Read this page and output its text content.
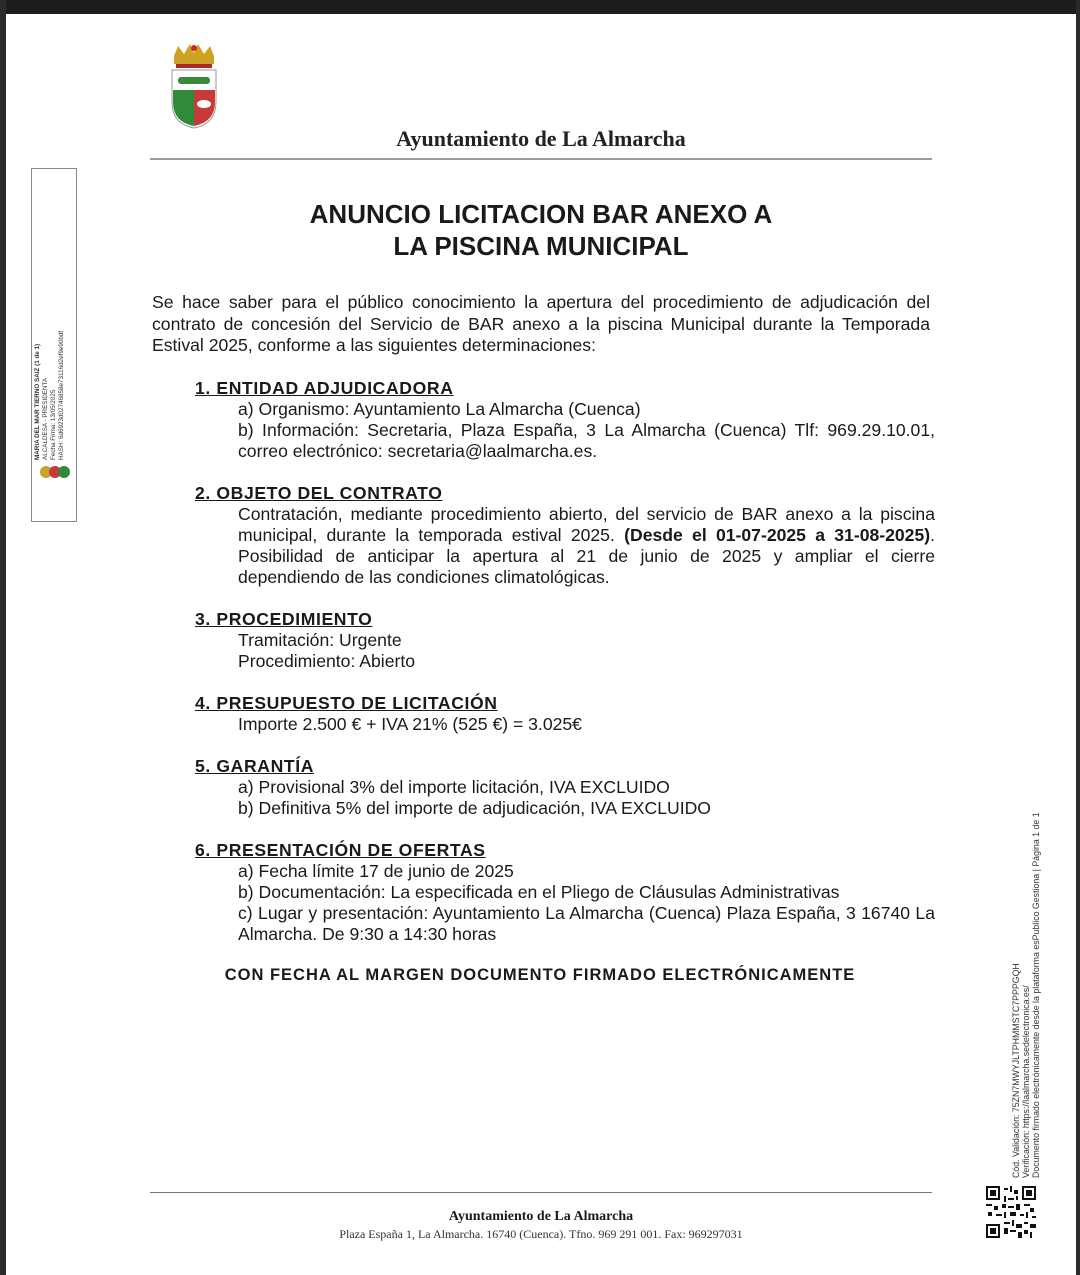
Ayuntamiento de La Almarcha
MARIA DEL MAR TIERNO SAIZ (1 de 1) ALCALDESA - PRESIDENTA Fecha Firma: 13/05/2025 HASH: 6d6923d02746858e73116d2ef9e90bdf
ANUNCIO LICITACION BAR ANEXO A
LA PISCINA MUNICIPAL
Se hace saber para el público conocimiento la apertura del procedimiento de adjudicación del contrato de concesión del Servicio de BAR anexo a la piscina Municipal durante la Temporada Estival 2025, conforme a las siguientes determinaciones:
1. ENTIDAD ADJUDICADORA
a) Organismo: Ayuntamiento La Almarcha (Cuenca)
b) Información: Secretaria, Plaza España, 3 La Almarcha (Cuenca) Tlf: 969.29.10.01, correo electrónico: secretaria@laalmarcha.es.
2. OBJETO DEL CONTRATO
Contratación, mediante procedimiento abierto, del servicio de BAR anexo a la piscina municipal, durante la temporada estival 2025. (Desde el 01-07-2025 a 31-08-2025). Posibilidad de anticipar la apertura al 21 de junio de 2025 y ampliar el cierre dependiendo de las condiciones climatológicas.
3. PROCEDIMIENTO
Tramitación: Urgente
Procedimiento: Abierto
4. PRESUPUESTO DE LICITACIÓN
Importe 2.500 € + IVA 21% (525 €) = 3.025€
5. GARANTÍA
a) Provisional 3% del importe licitación, IVA EXCLUIDO
b) Definitiva 5% del importe de adjudicación, IVA EXCLUIDO
6. PRESENTACIÓN DE OFERTAS
a) Fecha límite 17 de junio de 2025
b) Documentación: La especificada en el Pliego de Cláusulas Administrativas
c) Lugar y presentación: Ayuntamiento La Almarcha (Cuenca) Plaza España, 3 16740 La Almarcha. De 9:30 a 14:30 horas
CON FECHA AL MARGEN DOCUMENTO FIRMADO ELECTRÓNICAMENTE	Cód. Validación: 75ZN7MWYJLTPHMMSTC7PPPGQH Verificación: https://laalmarcha.sedelectronica.es/ Documento firmado electrónicamente desde la plataforma esPublico Gestiona | Página 1 de 1
Ayuntamiento de La Almarcha
Plaza España 1, La Almarcha. 16740 (Cuenca). Tfno. 969 291 001. Fax: 969297031
